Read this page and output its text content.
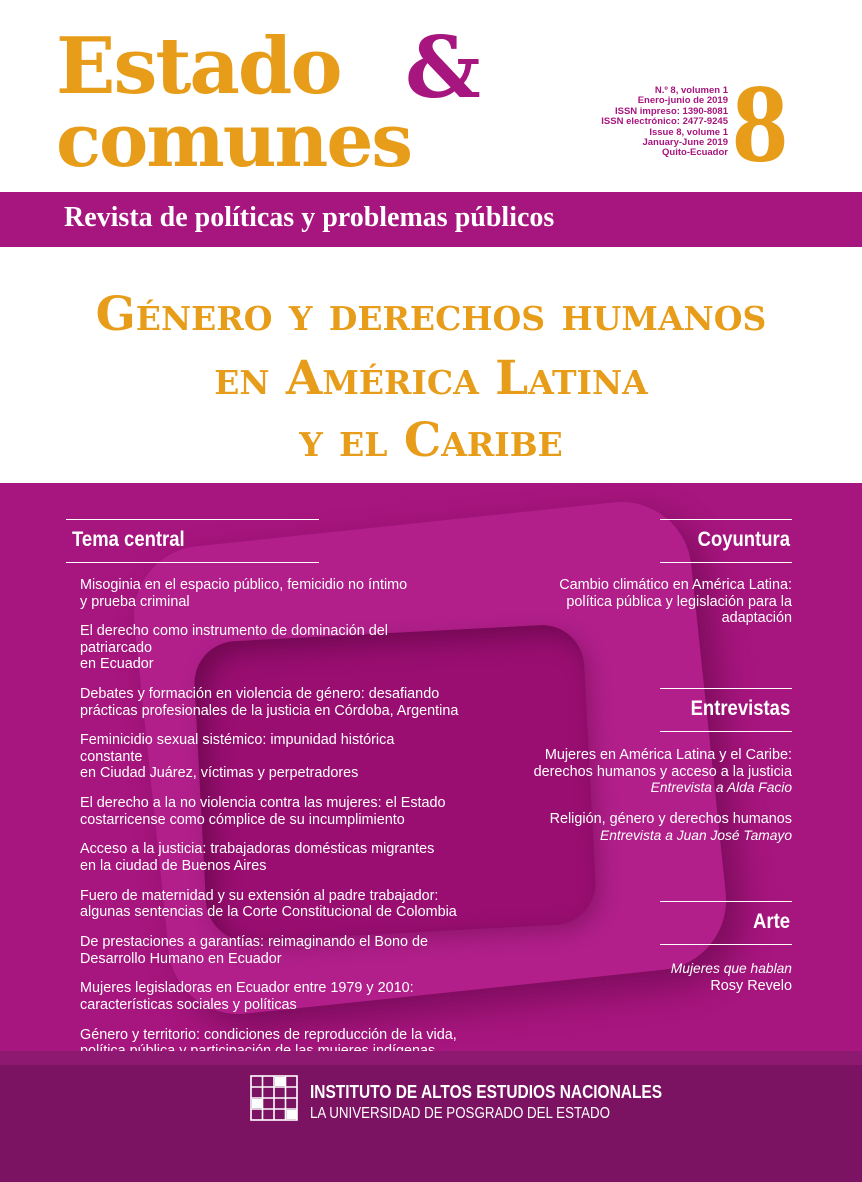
Estado &
comunes
N.º 8, volumen 1
Enero-junio de 2019
ISSN impreso: 1390-8081
ISSN electrónico: 2477-9245
Issue 8, volume 1
January-June 2019
Quito-Ecuador 8
Revista de políticas y problemas públicos
Género y derechos humanos
en América Latina
y el Caribe
Tema central
Misoginia en el espacio público, femicidio no íntimo
y prueba criminal
El derecho como instrumento de dominación del patriarcado
en Ecuador
Debates y formación en violencia de género: desafiando
prácticas profesionales de la justicia en Córdoba, Argentina
Feminicidio sexual sistémico: impunidad histórica constante
en Ciudad Juárez, víctimas y perpetradores
El derecho a la no violencia contra las mujeres: el Estado
costarricense como cómplice de su incumplimiento
Acceso a la justicia: trabajadoras domésticas migrantes
en la ciudad de Buenos Aires
Fuero de maternidad y su extensión al padre trabajador:
algunas sentencias de la Corte Constitucional de Colombia
De prestaciones a garantías: reimaginando el Bono de
Desarrollo Humano en Ecuador
Mujeres legisladoras en Ecuador entre 1979 y 2010:
características sociales y políticas
Género y territorio: condiciones de reproducción de la vida,
Coyuntura
Cambio climático en América Latina:
política pública y legislación para la
adaptación
Entrevistas
Mujeres en América Latina y el Caribe:
derechos humanos y acceso a la justicia
Entrevista a Alda Facio
Religión, género y derechos humanos
Entrevista a Juan José Tamayo
Arte
Mujeres que hablan
Rosy Revelo
INSTITUTO DE ALTOS ESTUDIOS NACIONALES
LA UNIVERSIDAD DE POSGRADO DEL ESTADO
